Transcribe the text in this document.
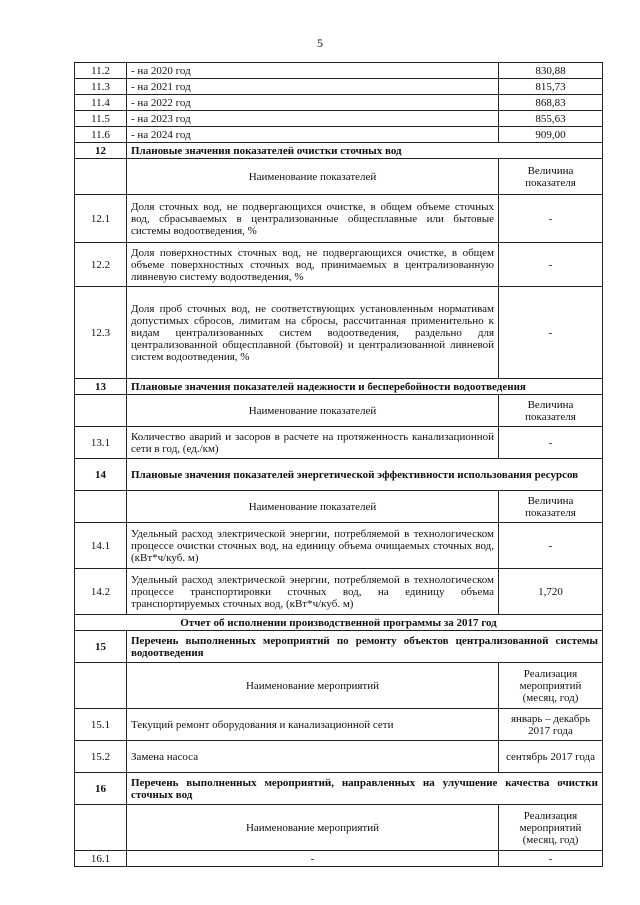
5
11.2	- на 2020 год	830,88
11.3	- на 2021 год	815,73
11.4	- на 2022 год	868,83
11.5	- на 2023 год	855,63
11.6	- на 2024 год	909,00
12	Плановые значения показателей очистки сточных вод	
	Наименование показателей	Величина показателя
12.1	Доля сточных вод, не подвергающихся очистке, в общем объеме сточных вод, сбрасываемых в централизованные общесплавные или бытовые системы водоотведения, %	-
12.2	Доля поверхностных сточных вод, не подвергающихся очистке, в общем объеме поверхностных сточных вод, принимаемых в централизованную ливневую систему водоотведения, %	-
12.3	Доля проб сточных вод, не соответствующих установленным нормативам допустимых сбросов, лимитам на сбросы, рассчитанная применительно к видам централизованных систем водоотведения, раздельно для централизованной общесплавной (бытовой) и централизованной ливневой систем водоотведения, %	-
13	Плановые значения показателей надежности и бесперебойности водоотведения	
	Наименование показателей	Величина показателя
13.1	Количество аварий и засоров в расчете на протяженность канализационной сети в год, (ед./км)	-
14	Плановые значения показателей энергетической эффективности использования ресурсов	
	Наименование показателей	Величина показателя
14.1	Удельный расход электрической энергии, потребляемой в технологическом процессе очистки сточных вод, на единицу объема очищаемых сточных вод, (кВт*ч/куб. м)	-
14.2	Удельный расход электрической энергии, потребляемой в технологическом процессе транспортировки сточных вод, на единицу объема транспортируемых сточных вод, (кВт*ч/куб. м)	1,720
Отчет об исполнении производственной программы за 2017 год		
15	Перечень выполненных мероприятий по ремонту объектов централизованной системы водоотведения	
	Наименование мероприятий	Реализация мероприятий (месяц, год)
15.1	Текущий ремонт оборудования и канализационной сети	январь – декабрь 2017 года
15.2	Замена насоса	сентябрь 2017 года
16	Перечень выполненных мероприятий, направленных на улучшение качества очистки сточных вод	
	Наименование мероприятий	Реализация мероприятий (месяц, год)
16.1	-	-
